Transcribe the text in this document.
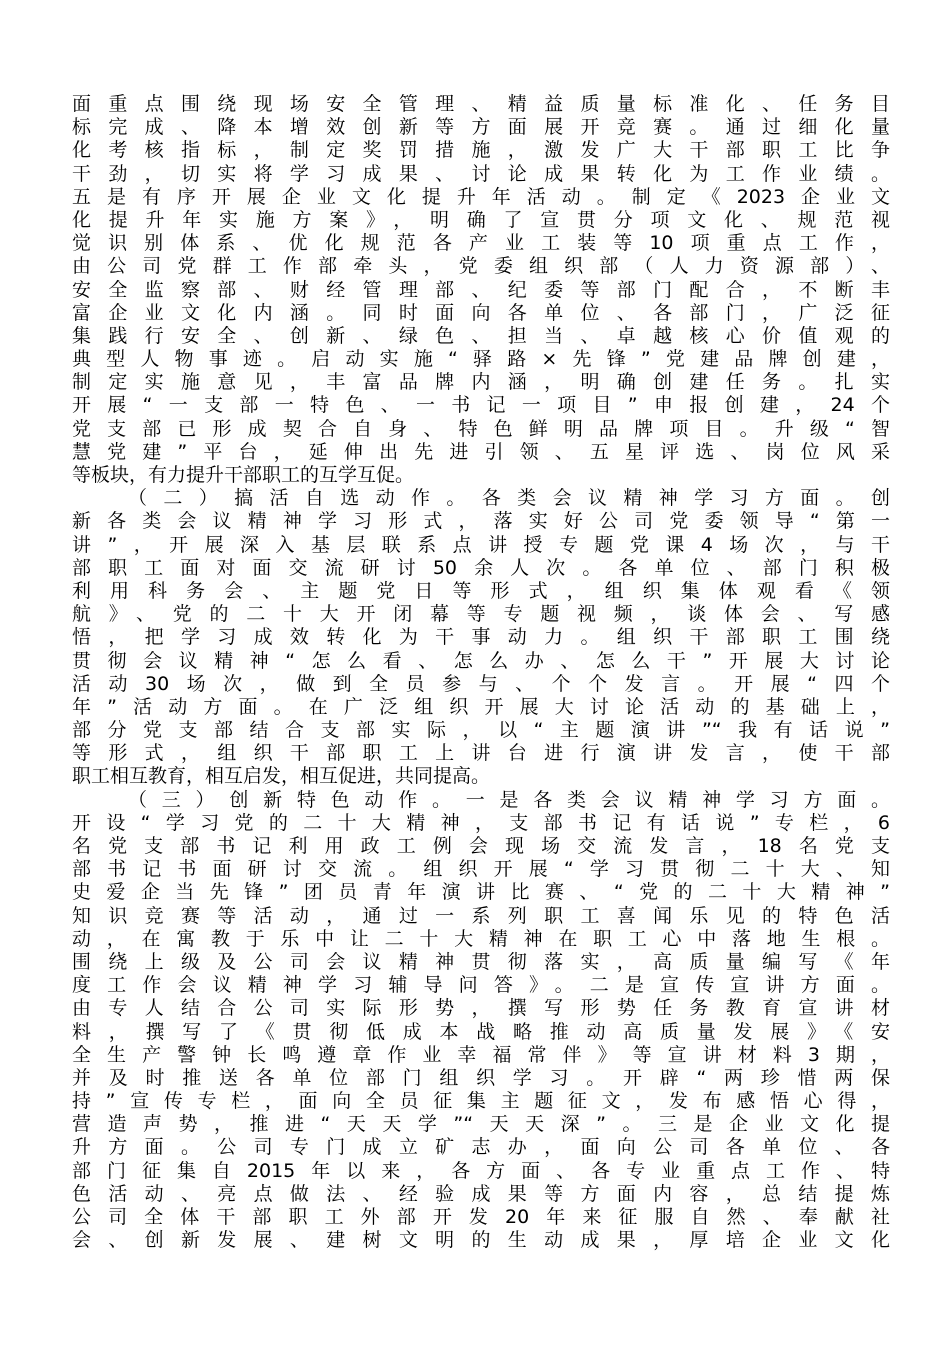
面重点围绕现场安全管理、精益质量标准化、任务目
标完成、降本增效创新等方面展开竞赛。通过细化量
化考核指标，制定奖罚措施，激发广大干部职工比争
干劲，切实将学习成果、讨论成果转化为工作业绩。
五是有序开展企业文化提升年活动。制定《2023企业文
化提升年实施方案》，明确了宣贯分项文化、规范视
觉识别体系、优化规范各产业工装等10项重点工作，
由公司党群工作部牵头，党委组织部（人力资源部）、
安全监察部、财经管理部、纪委等部门配合，不断丰
富企业文化内涵。同时面向各单位、各部门，广泛征
集践行安全、创新、绿色、担当、卓越核心价值观的
典型人物事迹。启动实施“驿路×先锋”党建品牌创建，
制定实施意见，丰富品牌内涵，明确创建任务。扎实
开展“一支部一特色、一书记一项目”申报创建，24个
党支部已形成契合自身、特色鲜明品牌项目。升级“智
慧党建”平台，延伸出先进引领、五星评选、岗位风采
等板块，有力提升干部职工的互学互促。
（二）搞活自选动作。各类会议精神学习方面。创
新各类会议精神学习形式，落实好公司党委领导“第一
讲”，开展深入基层联系点讲授专题党课4场次，与干
部职工面对面交流研讨50余人次。各单位、部门积极
利用科务会、主题党日等形式，组织集体观看《领
航》、党的二十大开闭幕等专题视频，谈体会、写感
悟，把学习成效转化为干事动力。组织干部职工围绕
贯彻会议精神“怎么看、怎么办、怎么干”开展大讨论
活动30场次，做到全员参与、个个发言。开展“四个
年”活动方面。在广泛组织开展大讨论活动的基础上，
部分党支部结合支部实际，以“主题演讲”“我有话说”
等形式，组织干部职工上讲台进行演讲发言，使干部
职工相互教育，相互启发，相互促进，共同提高。
（三）创新特色动作。一是各类会议精神学习方面。
开设“学习党的二十大精神，支部书记有话说”专栏，6
名党支部书记利用政工例会现场交流发言，18名党支
部书记书面研讨交流。组织开展“学习贯彻二十大、知
史爱企当先锋”团员青年演讲比赛、“党的二十大精神”
知识竞赛等活动，通过一系列职工喜闻乐见的特色活
动，在寓教于乐中让二十大精神在职工心中落地生根。
围绕上级及公司会议精神贯彻落实，高质量编写《年
度工作会议精神学习辅导问答》。二是宣传宣讲方面。
由专人结合公司实际形势，撰写形势任务教育宣讲材
料，撰写了《贯彻低成本战略推动高质量发展》《安
全生产警钟长鸣遵章作业幸福常伴》等宣讲材料3期，
并及时推送各单位部门组织学习。开辟“两珍惜两保
持”宣传专栏，面向全员征集主题征文，发布感悟心得，
营造声势，推进“天天学”“天天深”。三是企业文化提
升方面。公司专门成立矿志办，面向公司各单位、各
部门征集自2015年以来，各方面、各专业重点工作、特
色活动、亮点做法、经验成果等方面内容，总结提炼
公司全体干部职工外部开发20年来征服自然、奉献社
会、创新发展、建树文明的生动成果，厚培企业文化
